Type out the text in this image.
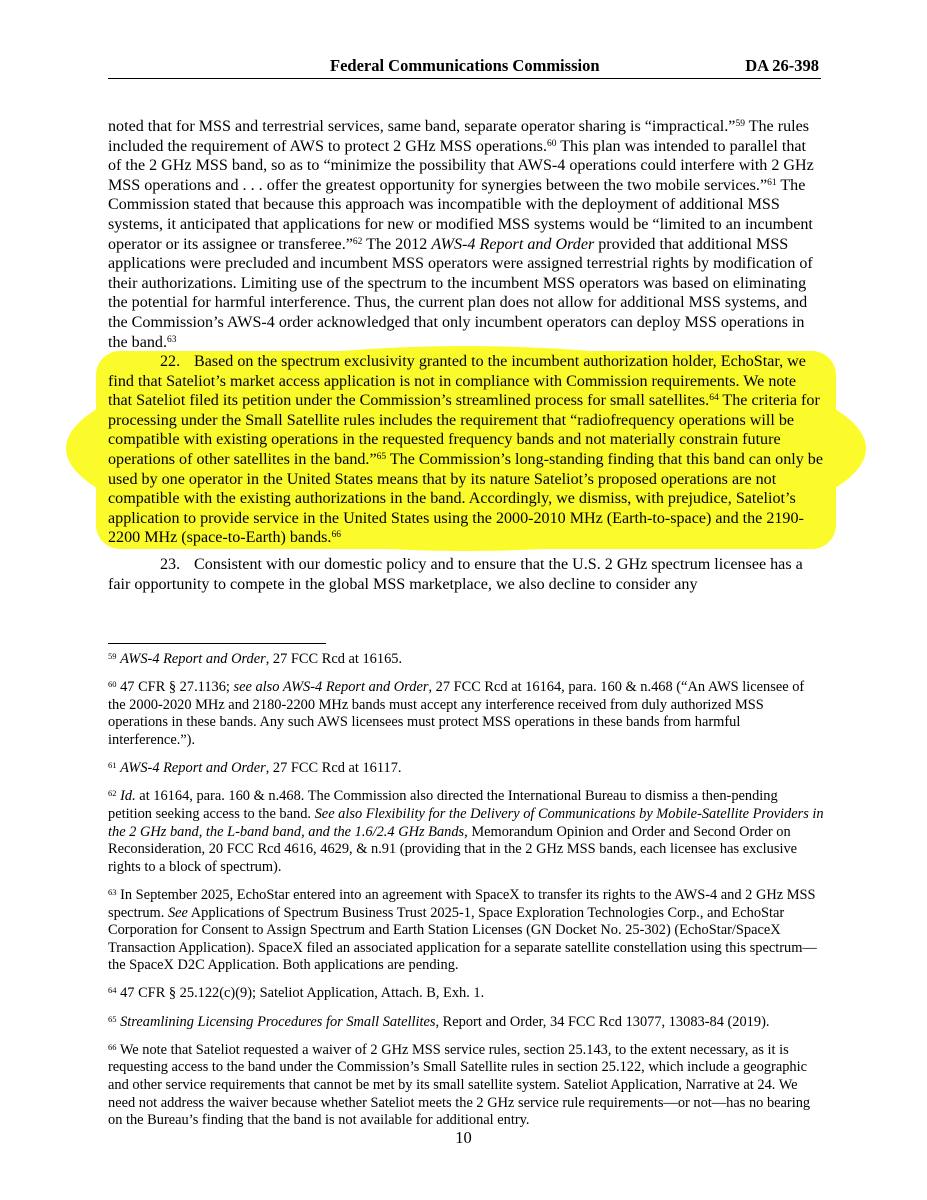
Federal Communications Commission	DA 26-398

noted that for MSS and terrestrial services, same band, separate operator sharing is “impractical.”$^{59}$ The rules included the requirement of AWS to protect 2 GHz MSS operations.$^{60}$ This plan was intended to parallel that of the 2 GHz MSS band, so as to “minimize the possibility that AWS-4 operations could interfere with 2 GHz MSS operations and . . . offer the greatest opportunity for synergies between the two mobile services.”$^{61}$ The Commission stated that because this approach was incompatible with the deployment of additional MSS systems, it anticipated that applications for new or modified MSS systems would be “limited to an incumbent operator or its assignee or transferee.”$^{62}$ The 2012 AWS-4 Report and Order provided that additional MSS applications were precluded and incumbent MSS operators were assigned terrestrial rights by modification of their authorizations. Limiting use of the spectrum to the incumbent MSS operators was based on eliminating the potential for harmful interference. Thus, the current plan does not allow for additional MSS systems, and the Commission’s AWS-4 order acknowledged that only incumbent operators can deploy MSS operations in the band.$^{63}$

22. Based on the spectrum exclusivity granted to the incumbent authorization holder, EchoStar, we find that Sateliot’s market access application is not in compliance with Commission requirements. We note that Sateliot filed its petition under the Commission’s streamlined process for small satellites.$^{64}$ The criteria for processing under the Small Satellite rules includes the requirement that “radiofrequency operations will be compatible with existing operations in the requested frequency bands and not materially constrain future operations of other satellites in the band.”$^{65}$ The Commission’s long-standing finding that this band can only be used by one operator in the United States means that by its nature Sateliot’s proposed operations are not compatible with the existing authorizations in the band. Accordingly, we dismiss, with prejudice, Sateliot’s application to provide service in the United States using the 2000-2010 MHz (Earth-to-space) and the 2190-2200 MHz (space-to-Earth) bands.$^{66}$

23. Consistent with our domestic policy and to ensure that the U.S. 2 GHz spectrum licensee has a fair opportunity to compete in the global MSS marketplace, we also decline to consider any

$^{59}$ AWS-4 Report and Order, 27 FCC Rcd at 16165.

$^{60}$ 47 CFR § 27.1136; see also AWS-4 Report and Order, 27 FCC Rcd at 16164, para. 160 & n.468 (“An AWS licensee of the 2000-2020 MHz and 2180-2200 MHz bands must accept any interference received from duly authorized MSS operations in these bands. Any such AWS licensees must protect MSS operations in these bands from harmful interference.”).

$^{61}$ AWS-4 Report and Order, 27 FCC Rcd at 16117.

$^{62}$ Id. at 16164, para. 160 & n.468. The Commission also directed the International Bureau to dismiss a then-pending petition seeking access to the band. See also Flexibility for the Delivery of Communications by Mobile-Satellite Providers in the 2 GHz band, the L-band band, and the 1.6/2.4 GHz Bands, Memorandum Opinion and Order and Second Order on Reconsideration, 20 FCC Rcd 4616, 4629, & n.91 (providing that in the 2 GHz MSS bands, each licensee has exclusive rights to a block of spectrum).

$^{63}$ In September 2025, EchoStar entered into an agreement with SpaceX to transfer its rights to the AWS-4 and 2 GHz MSS spectrum. See Applications of Spectrum Business Trust 2025-1, Space Exploration Technologies Corp., and EchoStar Corporation for Consent to Assign Spectrum and Earth Station Licenses (GN Docket No. 25-302) (EchoStar/SpaceX Transaction Application). SpaceX filed an associated application for a separate satellite constellation using this spectrum—the SpaceX D2C Application. Both applications are pending.

$^{64}$ 47 CFR § 25.122(c)(9); Sateliot Application, Attach. B, Exh. 1.

$^{65}$ Streamlining Licensing Procedures for Small Satellites, Report and Order, 34 FCC Rcd 13077, 13083-84 (2019).

$^{66}$ We note that Sateliot requested a waiver of 2 GHz MSS service rules, section 25.143, to the extent necessary, as it is requesting access to the band under the Commission’s Small Satellite rules in section 25.122, which include a geographic and other service requirements that cannot be met by its small satellite system. Sateliot Application, Narrative at 24. We need not address the waiver because whether Sateliot meets the 2 GHz service rule requirements—or not—has no bearing on the Bureau’s finding that the band is not available for additional entry.

10
